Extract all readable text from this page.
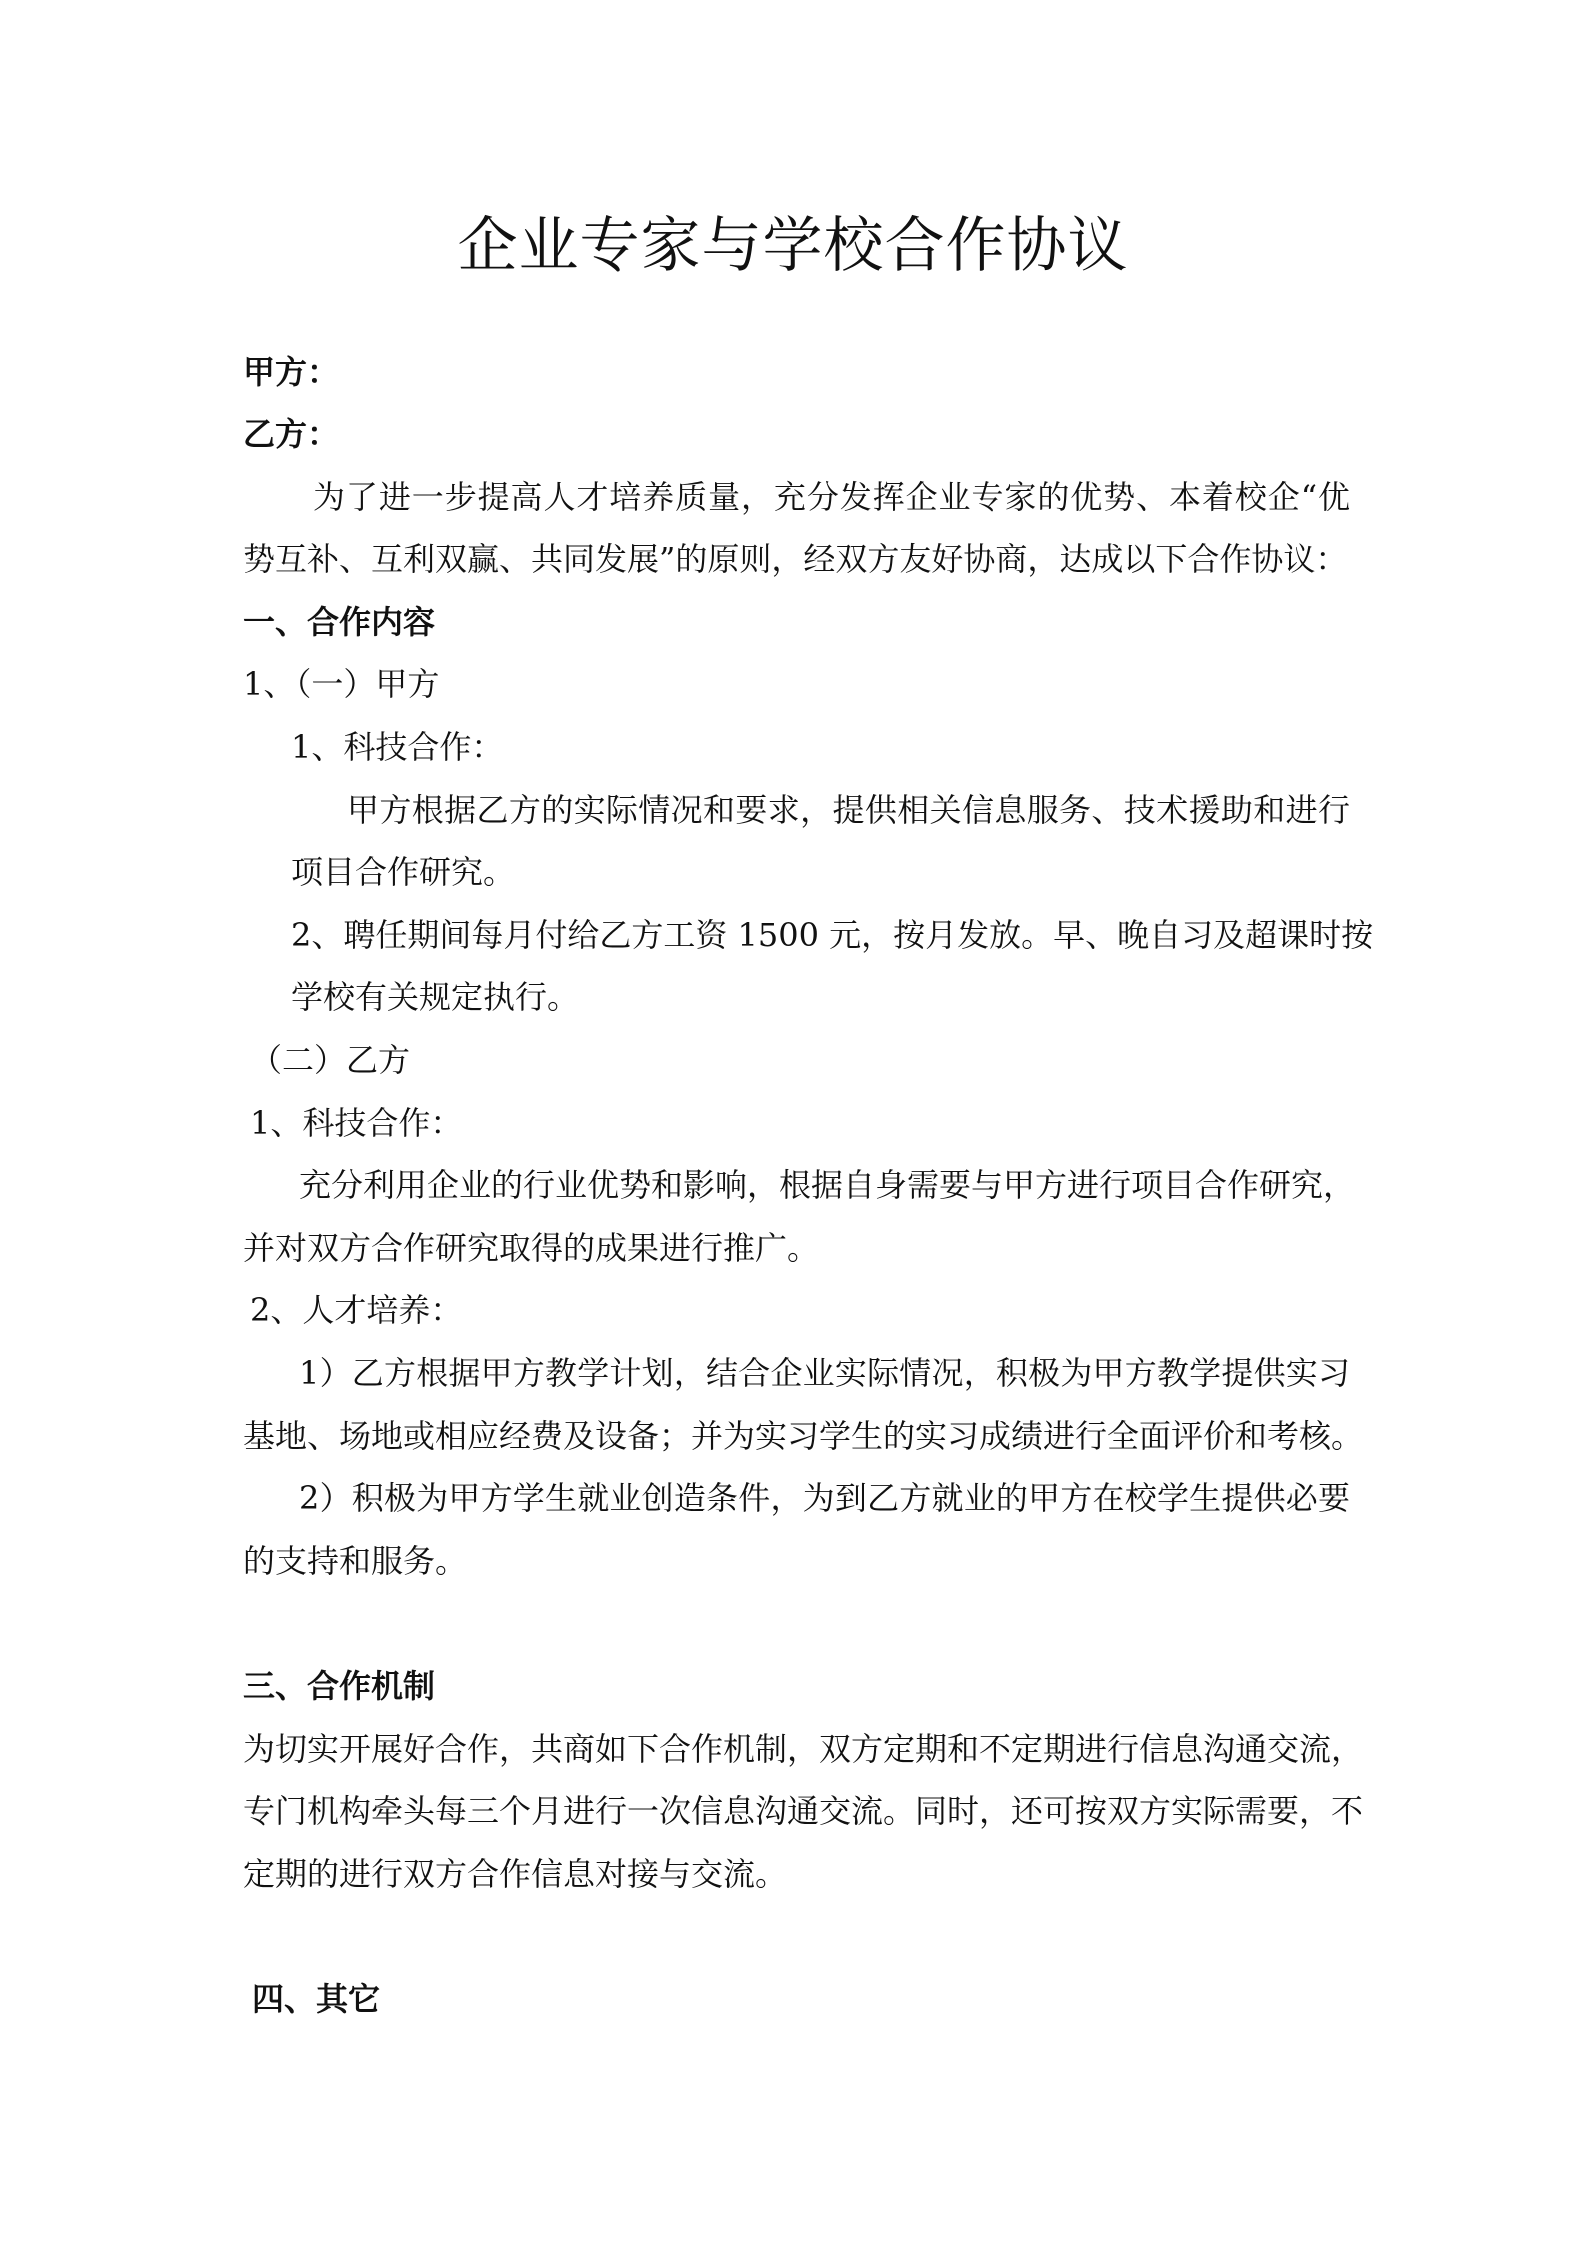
企业专家与学校合作协议

甲方：

乙方：

为了进一步提高人才培养质量，充分发挥企业专家的优势、本着校企“优

势互补、互利双赢、共同发展”的原则，经双方友好协商，达成以下合作协议：

一、合作内容

1、（一）甲方

1、科技合作：

甲方根据乙方的实际情况和要求，提供相关信息服务、技术援助和进行

项目合作研究。

2、聘任期间每月付给乙方工资 1500 元，按月发放。早、晚自习及超课时按

学校有关规定执行。

（二）乙方

1、科技合作：

充分利用企业的行业优势和影响，根据自身需要与甲方进行项目合作研究，

并对双方合作研究取得的成果进行推广。

2、人才培养：

1）乙方根据甲方教学计划，结合企业实际情况，积极为甲方教学提供实习

基地、场地或相应经费及设备；并为实习学生的实习成绩进行全面评价和考核。

2）积极为甲方学生就业创造条件，为到乙方就业的甲方在校学生提供必要

的支持和服务。

三、合作机制

为切实开展好合作，共商如下合作机制，双方定期和不定期进行信息沟通交流，

专门机构牵头每三个月进行一次信息沟通交流。同时，还可按双方实际需要，不

定期的进行双方合作信息对接与交流。

四、其它
